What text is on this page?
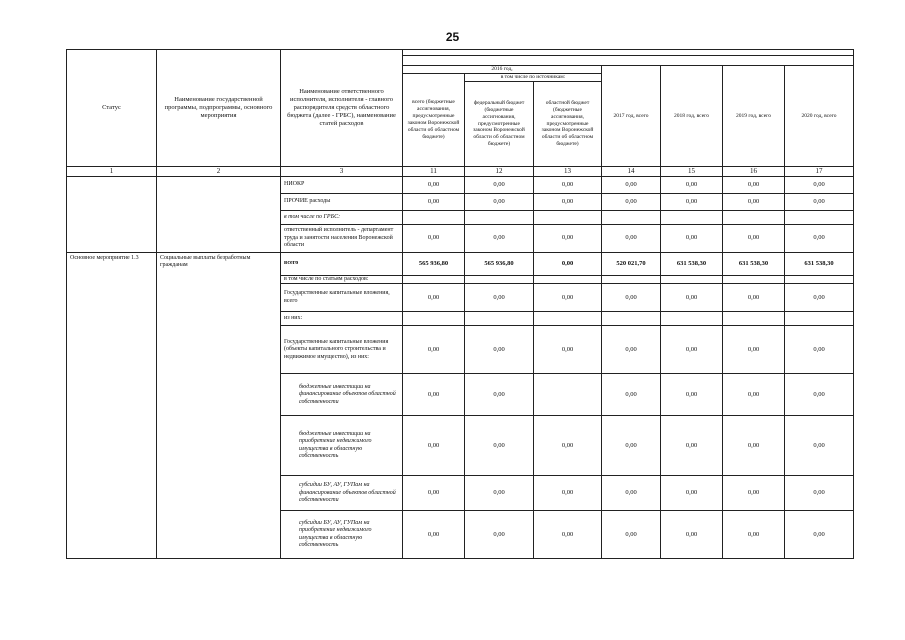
25
Статус	Наименование государственной программы, подпрограммы, основного мероприятия	Наименование ответственного исполнителя, исполнителя - главного распорядителя средств областного бюджета (далее - ГРБС), наименование статей расходов							

			2016 год,			2017 год, всего	2018 год, всего	2019 год, всего	2020 год, всего
			всего (бюджетные ассигнования, предусмотренные законом Воронежской области об областном бюджете)	в том числе по источникам:					
				федеральный бюджет (бюджетные ассигнования, предусмотренные законом Воронежской области об областном бюджете)	областной бюджет (бюджетные ассигнования, предусмотренные законом Воронежской области об областном бюджете)				
1	2	3	11	12	13	14	15	16	17
		НИОКР	0,00	0,00	0,00	0,00	0,00	0,00	0,00
		ПРОЧИЕ расходы	0,00	0,00	0,00	0,00	0,00	0,00	0,00
		в том числе по ГРБС:							
		ответственный исполнитель - департамент труда и занятости населения Воронежской области	0,00	0,00	0,00	0,00	0,00	0,00	0,00
Основное мероприятие 1.3	Социальные выплаты безработным гражданам	всего	565 936,80	565 936,80	0,00	520 021,70	631 538,30	631 538,30	631 538,30
		в том числе по статьям расходов:							
		Государственные капитальные вложения, всего	0,00	0,00	0,00	0,00	0,00	0,00	0,00
		из них:							
		Государственные капитальные вложения (объекты капитального строительства и недвижимое имущество), из них:	0,00	0,00	0,00	0,00	0,00	0,00	0,00
		бюджетные инвестиции на финансирование объектов областной собственности	0,00	0,00		0,00	0,00	0,00	0,00
		бюджетные инвестиции на приобретение недвижимого имущества в областную собственность	0,00	0,00	0,00	0,00	0,00	0,00	0,00
		субсидии БУ, АУ, ГУПам на финансирование объектов областной собственности	0,00	0,00	0,00	0,00	0,00	0,00	0,00
		субсидии БУ, АУ, ГУПам на приобретение недвижимого имущества в областную собственность	0,00	0,00	0,00	0,00	0,00	0,00	0,00
